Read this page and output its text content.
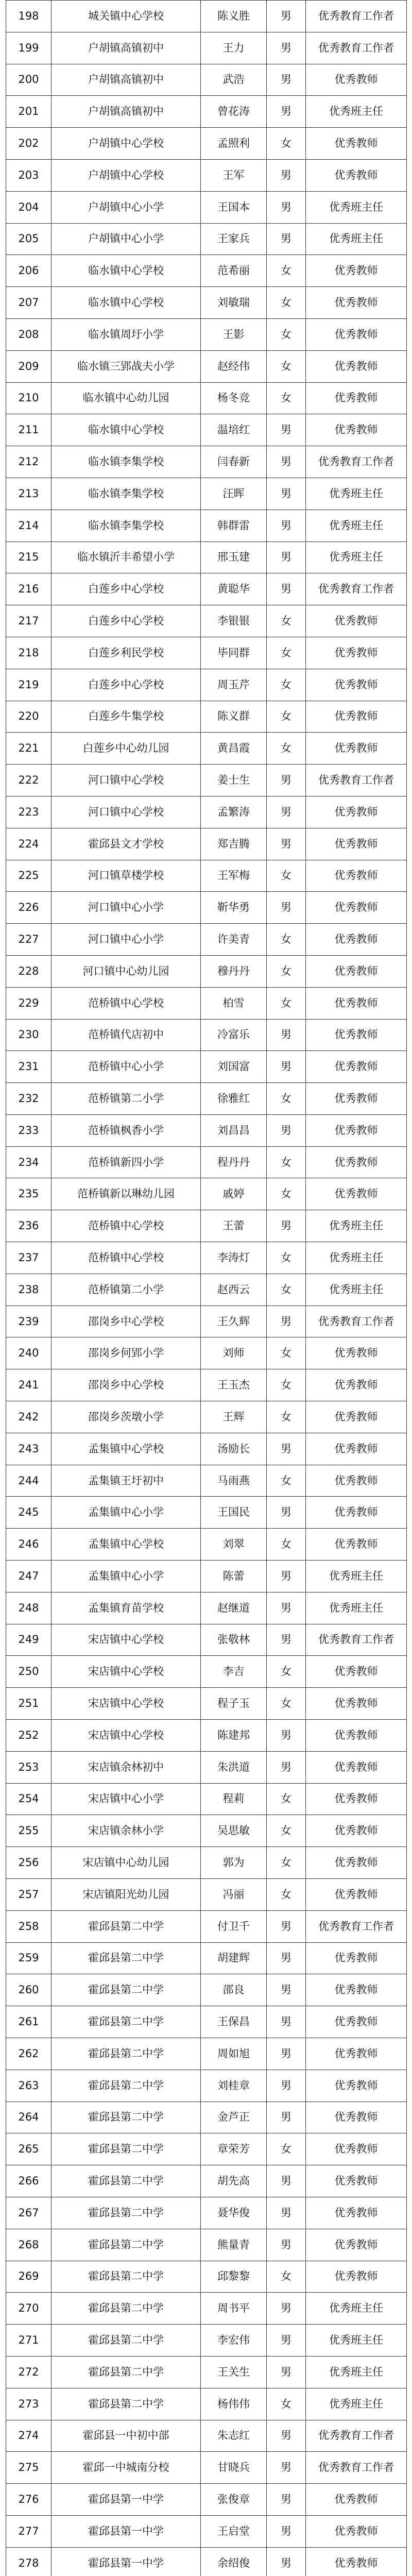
198	城关镇中心学校	陈义胜	男	优秀教育工作者
199	户胡镇高镇初中	王力	男	优秀教育工作者
200	户胡镇高镇初中	武浩	男	优秀教师
201	户胡镇高镇初中	曾花涛	男	优秀班主任
202	户胡镇中心学校	孟照利	女	优秀教师
203	户胡镇中心学校	王军	男	优秀教师
204	户胡镇中心小学	王国本	男	优秀班主任
205	户胡镇中心小学	王家兵	男	优秀班主任
206	临水镇中心学校	范希丽	女	优秀教师
207	临水镇中心学校	刘敏瑞	女	优秀教师
208	临水镇周圩小学	王影	女	优秀教师
209	临水镇三郢战夫小学	赵经伟	女	优秀教师
210	临水镇中心幼儿园	杨冬竞	女	优秀教师
211	临水镇中心学校	温培红	男	优秀教师
212	临水镇李集学校	闫春新	男	优秀教育工作者
213	临水镇李集学校	汪晖	男	优秀班主任
214	临水镇李集学校	韩群雷	男	优秀班主任
215	临水镇沂丰希望小学	邢玉建	男	优秀班主任
216	白莲乡中心学校	黄聪华	男	优秀教育工作者
217	白莲乡中心学校	李银银	女	优秀教师
218	白莲乡利民学校	毕同群	女	优秀教师
219	白莲乡中心学校	周玉芹	女	优秀教师
220	白莲乡牛集学校	陈义群	女	优秀教师
221	白莲乡中心幼儿园	黄昌霞	女	优秀教师
222	河口镇中心学校	姜士生	男	优秀教育工作者
223	河口镇中心学校	孟繁涛	男	优秀教师
224	霍邱县文才学校	郑吉腾	男	优秀教师
225	河口镇草楼学校	王军梅	女	优秀教师
226	河口镇中心小学	靳华勇	男	优秀教师
227	河口镇中心小学	许美青	女	优秀教师
228	河口镇中心幼儿园	穆丹丹	女	优秀教师
229	范桥镇中心学校	柏雪	女	优秀教师
230	范桥镇代店初中	冷富乐	男	优秀教师
231	范桥镇中心小学	刘国富	男	优秀教师
232	范桥镇第二小学	徐雅红	女	优秀教师
233	范桥镇枫香小学	刘昌昌	男	优秀教师
234	范桥镇新四小学	程丹丹	女	优秀教师
235	范桥镇新以琳幼儿园	戚婷	女	优秀教师
236	范桥镇中心学校	王蕾	男	优秀班主任
237	范桥镇中心学校	李涛灯	女	优秀班主任
238	范桥镇第二小学	赵西云	女	优秀班主任
239	邵岗乡中心学校	王久辉	男	优秀教育工作者
240	邵岗乡何郢小学	刘师	女	优秀教师
241	邵岗乡中心学校	王玉杰	女	优秀教师
242	邵岗乡茨墩小学	王辉	女	优秀教师
243	孟集镇中心学校	汤励长	男	优秀教师
244	孟集镇王圩初中	马雨燕	女	优秀教师
245	孟集镇中心小学	王国民	男	优秀教师
246	孟集镇中心学校	刘翠	女	优秀教师
247	孟集镇中心小学	陈蕾	男	优秀班主任
248	孟集镇育苗学校	赵继道	男	优秀班主任
249	宋店镇中心学校	张敬林	男	优秀教育工作者
250	宋店镇中心学校	李吉	女	优秀教师
251	宋店镇中心学校	程子玉	女	优秀教师
252	宋店镇中心学校	陈建邦	男	优秀教师
253	宋店镇余林初中	朱洪道	男	优秀教师
254	宋店镇中心小学	程莉	女	优秀教师
255	宋店镇余林小学	吴思敏	女	优秀教师
256	宋店镇中心幼儿园	郭为	女	优秀教师
257	宋店镇阳光幼儿园	冯丽	女	优秀教师
258	霍邱县第二中学	付卫千	男	优秀教育工作者
259	霍邱县第二中学	胡建辉	男	优秀教师
260	霍邱县第二中学	邵良	男	优秀教师
261	霍邱县第二中学	王保昌	男	优秀教师
262	霍邱县第二中学	周如旭	男	优秀教师
263	霍邱县第二中学	刘桂章	男	优秀教师
264	霍邱县第二中学	金芦正	男	优秀教师
265	霍邱县第二中学	章荣芳	女	优秀教师
266	霍邱县第二中学	胡先高	男	优秀教师
267	霍邱县第二中学	聂华俊	男	优秀教师
268	霍邱县第二中学	熊量青	男	优秀教师
269	霍邱县第二中学	邱黎黎	女	优秀教师
270	霍邱县第二中学	周书平	男	优秀班主任
271	霍邱县第二中学	李宏伟	男	优秀班主任
272	霍邱县第二中学	王关生	男	优秀班主任
273	霍邱县第二中学	杨伟伟	女	优秀班主任
274	霍邱县一中初中部	朱志红	男	优秀教育工作者
275	霍邱一中城南分校	甘晓兵	男	优秀教育工作者
276	霍邱县第一中学	张俊章	男	优秀教师
277	霍邱县第一中学	王启堂	男	优秀教师
278	霍邱县第一中学	余绍俊	男	优秀教师
